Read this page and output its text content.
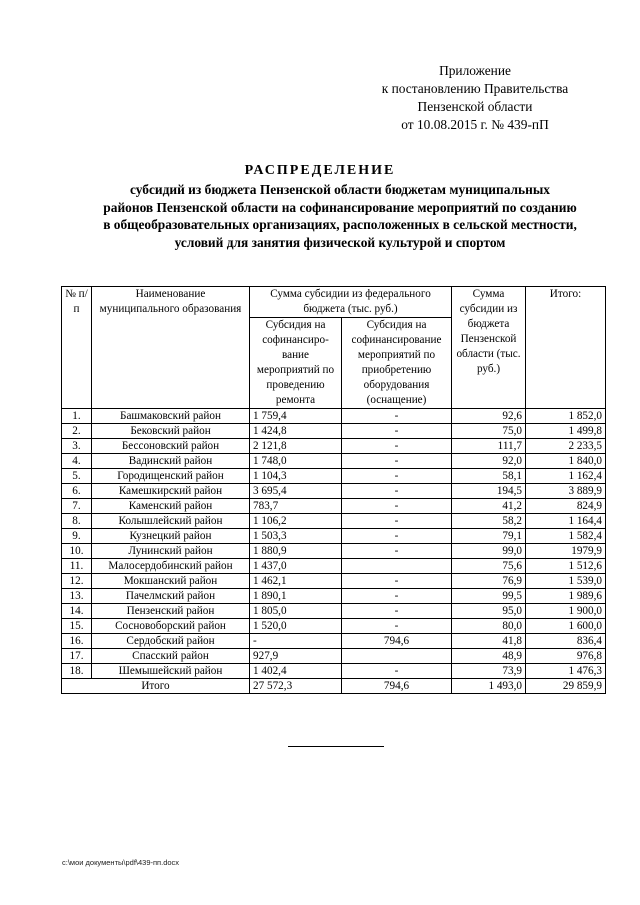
Приложение
к постановлению Правительства
Пензенской области
от 10.08.2015 г. № 439-пП
РАСПРЕДЕЛЕНИЕ
субсидий из бюджета Пензенской области бюджетам муниципальных
районов Пензенской области на софинансирование мероприятий по созданию
в общеобразовательных организациях, расположенных в сельской местности,
условий для занятия физической культурой и спортом
№ п/п	Наименование муниципального образования	Сумма субсидии из федерального бюджета (тыс. руб.)		Сумма субсидии из бюджета Пензенской области (тыс. руб.)	Итого:
		Субсидия на софинансиро-вание мероприятий по проведению ремонта	Субсидия на софинансирование мероприятий по приобретению оборудования (оснащение)		
1.	Башмаковский район	1 759,4	-	92,6	1 852,0
2.	Бековский район	1 424,8	-	75,0	1 499,8
3.	Бессоновский район	2 121,8	-	111,7	2 233,5
4.	Вадинский район	1 748,0	-	92,0	1 840,0
5.	Городищенский район	1 104,3	-	58,1	1 162,4
6.	Камешкирский район	3 695,4	-	194,5	3 889,9
7.	Каменский район	783,7	-	41,2	824,9
8.	Колышлейский район	1 106,2	-	58,2	1 164,4
9.	Кузнецкий район	1 503,3	-	79,1	1 582,4
10.	Лунинский район	1 880,9	-	99,0	1979,9
11.	Малосердобинский район	1 437,0		75,6	1 512,6
12.	Мокшанский район	1 462,1	-	76,9	1 539,0
13.	Пачелмский район	1 890,1	-	99,5	1 989,6
14.	Пензенский район	1 805,0	-	95,0	1 900,0
15.	Сосновоборский район	1 520,0	-	80,0	1 600,0
16.	Сердобский район	-	794,6	41,8	836,4
17.	Спасский район	927,9		48,9	976,8
18.	Шемышейский район	1 402,4	-	73,9	1 476,3
Итого		27 572,3	794,6	1 493,0	29 859,9
c:\мои документы\pdf\439-пп.docx
